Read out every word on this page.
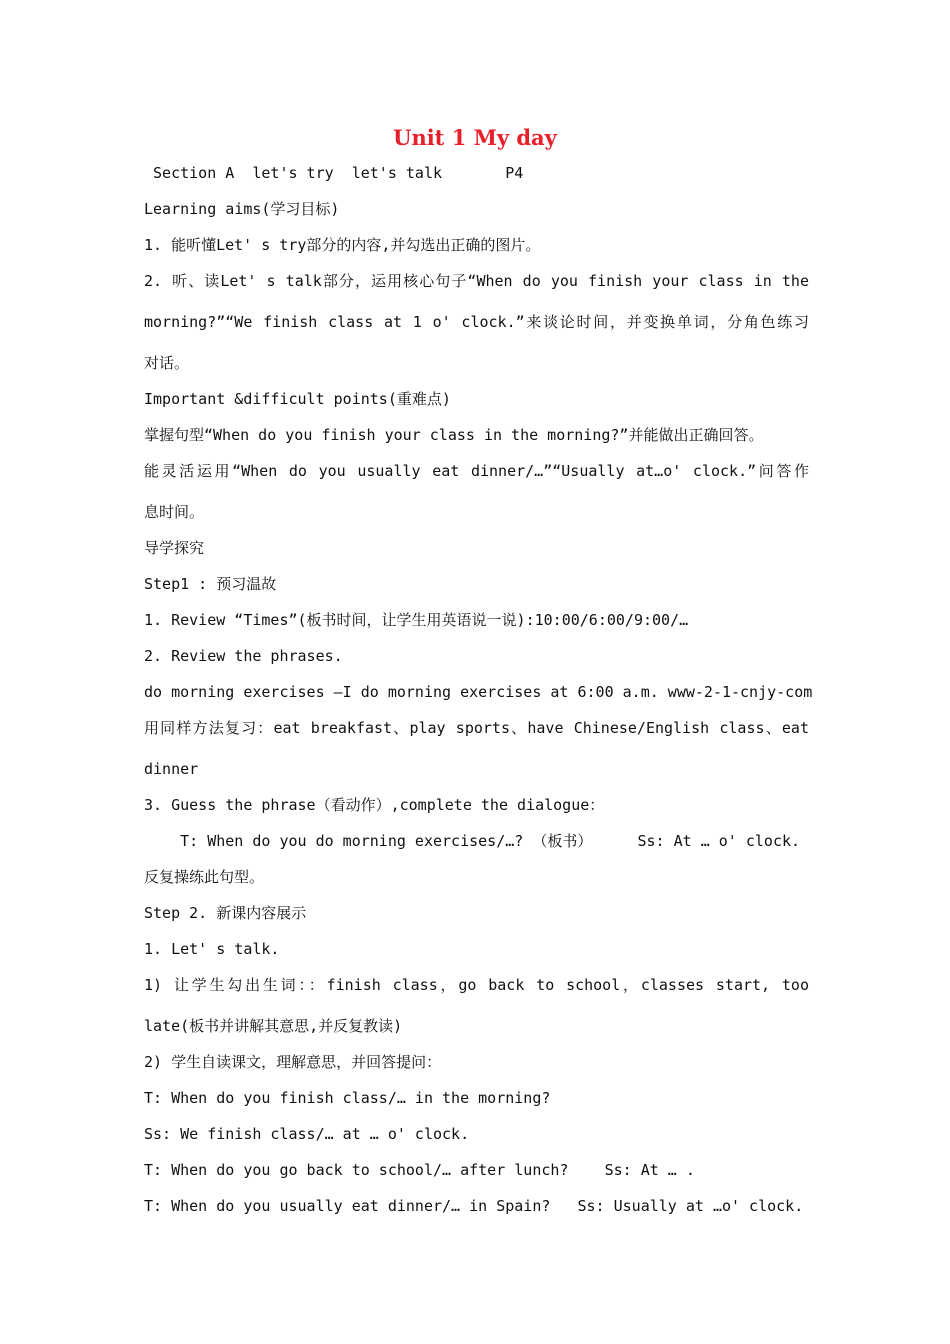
Unit 1 My day
Section A  let's try  let's talk       P4
Learning aims(学习目标)
1. 能听懂Let' s try部分的内容,并勾选出正确的图片。
2. 听、读Let' s talk部分，运用核心句子“When do you finish your class in the
morning?”“We finish class at 1 o' clock.”来谈论时间，并变换单词，分角色练习
对话。
Important &difficult points(重难点)
掌握句型“When do you finish your class in the morning?”并能做出正确回答。
能灵活运用“When do you usually eat dinner/…”“Usually at…o' clock.”问答作
息时间。
导学探究
Step1 : 预习温故
1. Review “Times”(板书时间，让学生用英语说一说):10:00/6:00/9:00/…
2. Review the phrases.
do morning exercises —I do morning exercises at 6:00 a.m. www-2-1-cnjy-com
用同样方法复习：eat breakfast、play sports、have Chinese/English class、eat
dinner
3. Guess the phrase（看动作）,complete the dialogue：
T: When do you do morning exercises/…? （板书）     Ss: At … o' clock.
反复操练此句型。
Step 2. 新课内容展示
1. Let' s talk.
1) 让学生勾出生词：：finish class，go back to school，classes start, too
late(板书并讲解其意思,并反复教读)
2) 学生自读课文，理解意思，并回答提问：
T: When do you finish class/… in the morning?
Ss: We finish class/… at … o' clock.
T: When do you go back to school/… after lunch?    Ss: At … .
T: When do you usually eat dinner/… in Spain?   Ss: Usually at …o' clock.
